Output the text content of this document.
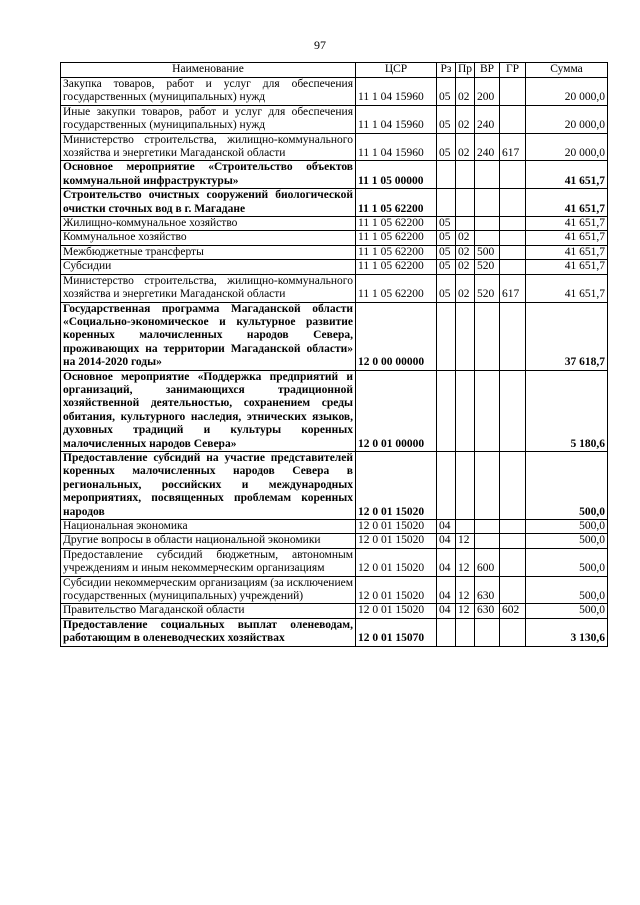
97
Наименование	ЦСР	Рз	Пр	ВР	ГР	Сумма
Закупка товаров, работ и услуг для обеспечения государственных (муниципальных) нужд	11 1 04 15960	05	02	200		20 000,0
Иные закупки товаров, работ и услуг для обеспечения государственных (муниципальных) нужд	11 1 04 15960	05	02	240		20 000,0
Министерство строительства, жилищно-коммунального хозяйства и энергетики Магаданской области	11 1 04 15960	05	02	240	617	20 000,0
Основное мероприятие «Строительство объектов коммунальной инфраструктуры»	11 1 05 00000					41 651,7
Строительство очистных сооружений биологической очистки сточных вод в г. Магадане	11 1 05 62200					41 651,7
Жилищно-коммунальное хозяйство	11 1 05 62200	05				41 651,7
Коммунальное хозяйство	11 1 05 62200	05	02			41 651,7
Межбюджетные трансферты	11 1 05 62200	05	02	500		41 651,7
Субсидии	11 1 05 62200	05	02	520		41 651,7
Министерство строительства, жилищно-коммунального хозяйства и энергетики Магаданской области	11 1 05 62200	05	02	520	617	41 651,7
Государственная программа Магаданской области «Социально-экономическое и культурное развитие коренных малочисленных народов Севера, проживающих на территории Магаданской области» на 2014-2020 годы»	12 0 00 00000					37 618,7
Основное мероприятие «Поддержка предприятий и организаций, занимающихся традиционной хозяйственной деятельностью, сохранением среды обитания, культурного наследия, этнических языков, духовных традиций и культуры коренных малочисленных народов Севера»	12 0 01 00000					5 180,6
Предоставление субсидий на участие представителей коренных малочисленных народов Севера в региональных, российских и международных мероприятиях, посвященных проблемам коренных народов	12 0 01 15020					500,0
Национальная экономика	12 0 01 15020	04				500,0
Другие вопросы в области национальной экономики	12 0 01 15020	04	12			500,0
Предоставление субсидий бюджетным, автономным учреждениям и иным некоммерческим организациям	12 0 01 15020	04	12	600		500,0
Субсидии некоммерческим организациям (за исключением государственных (муниципальных) учреждений)	12 0 01 15020	04	12	630		500,0
Правительство Магаданской области	12 0 01 15020	04	12	630	602	500,0
Предоставление социальных выплат оленеводам, работающим в оленеводческих хозяйствах	12 0 01 15070					3 130,6
